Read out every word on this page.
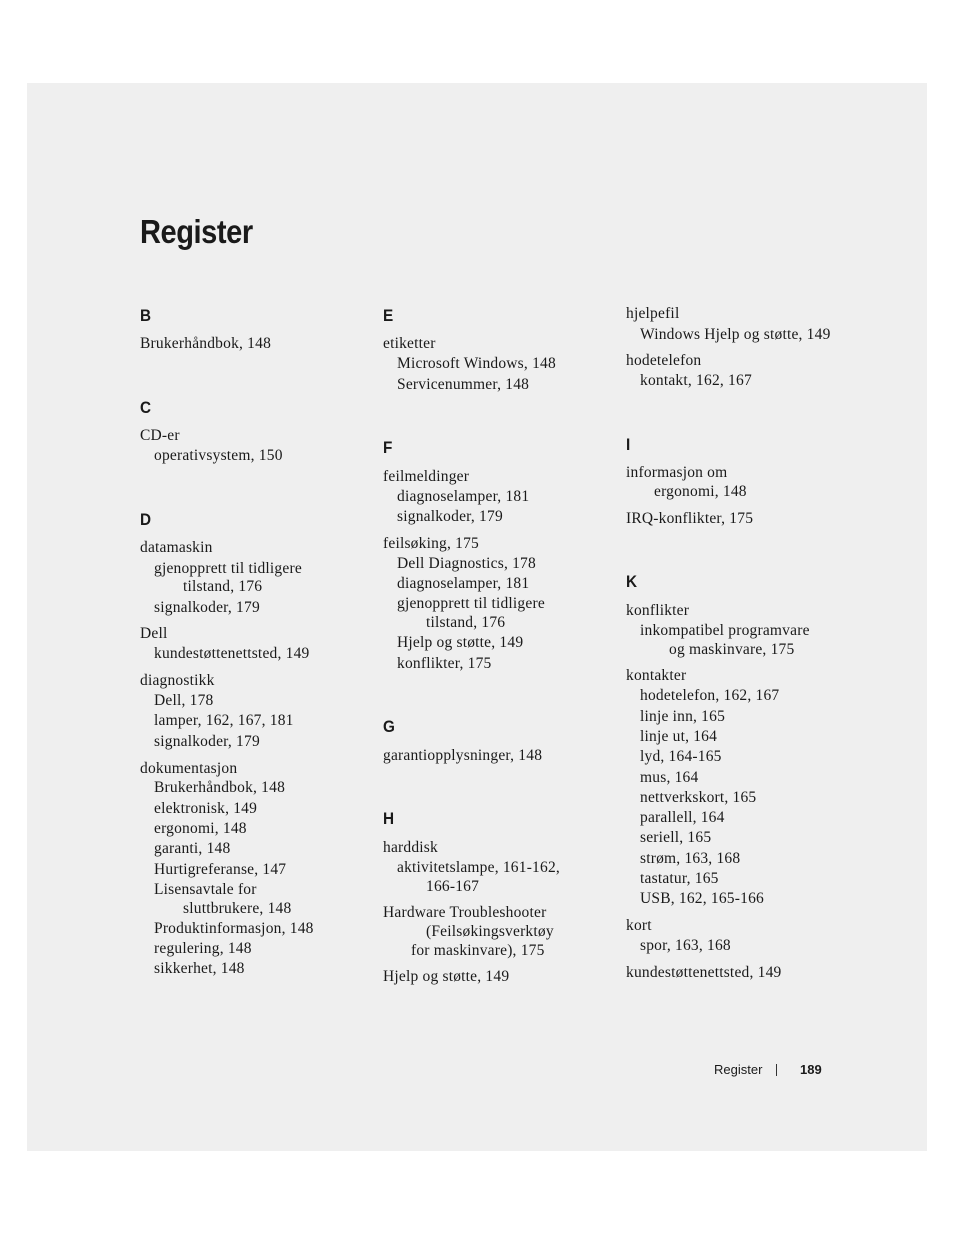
Register
B
Brukerhåndbok, 148
C
CD-er
operativsystem, 150
D
datamaskin
gjenopprett til tidligere
tilstand, 176
signalkoder, 179
Dell
kundestøttenettsted, 149
diagnostikk
Dell, 178
lamper, 162, 167, 181
signalkoder, 179
dokumentasjon
Brukerhåndbok, 148
elektronisk, 149
ergonomi, 148
garanti, 148
Hurtigreferanse, 147
Lisensavtale for
sluttbrukere, 148
Produktinformasjon, 148
regulering, 148
sikkerhet, 148
E
etiketter
Microsoft Windows, 148
Servicenummer, 148
F
feilmeldinger
diagnoselamper, 181
signalkoder, 179
feilsøking, 175
Dell Diagnostics, 178
diagnoselamper, 181
gjenopprett til tidligere
tilstand, 176
Hjelp og støtte, 149
konflikter, 175
G
garantiopplysninger, 148
H
harddisk
aktivitetslampe, 161-162,
166-167
Hardware Troubleshooter
(Feilsøkingsverktøy
for maskinvare), 175
Hjelp og støtte, 149
hjelpefil
Windows Hjelp og støtte, 149
hodetelefon
kontakt, 162, 167
I
informasjon om
ergonomi, 148
IRQ-konflikter, 175
K
konflikter
inkompatibel programvare
og maskinvare, 175
kontakter
hodetelefon, 162, 167
linje inn, 165
linje ut, 164
lyd, 164-165
mus, 164
nettverkskort, 165
parallell, 164
seriell, 165
strøm, 163, 168
tastatur, 165
USB, 162, 165-166
kort
spor, 163, 168
kundestøttenettsted, 149
Register	189
